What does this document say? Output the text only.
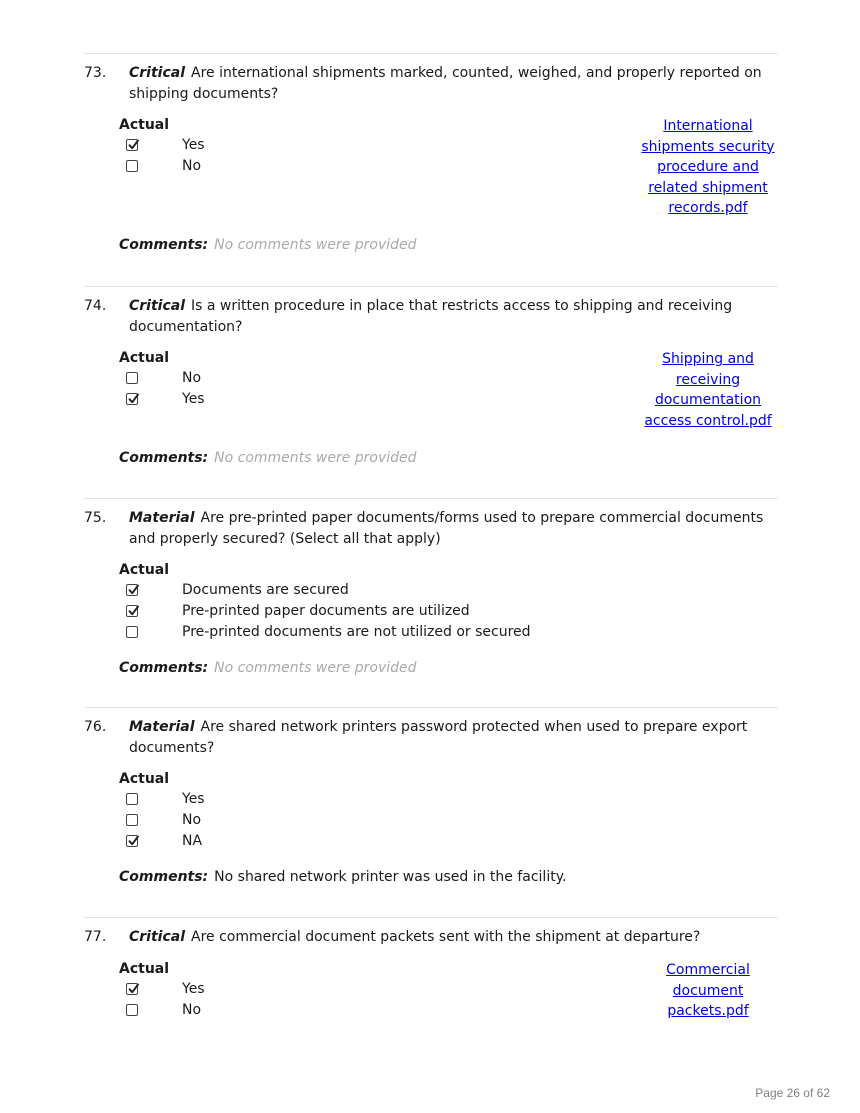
73.	Critical Are international shipments marked, counted, weighed, and properly reported on shipping documents?
Actual
Yes
No
International shipments security procedure and related shipment records.pdf
Comments: No comments were provided
74.	Critical Is a written procedure in place that restricts access to shipping and receiving documentation?
Actual
No
Yes
Shipping and receiving documentation access control.pdf
Comments: No comments were provided
75.	Material Are pre-printed paper documents/forms used to prepare commercial documents and properly secured? (Select all that apply)
Actual
Documents are secured
Pre-printed paper documents are utilized
Pre-printed documents are not utilized or secured
Comments: No comments were provided
76.	Material Are shared network printers password protected when used to prepare export documents?
Actual
Yes
No
NA
Comments: No shared network printer was used in the facility.
77.	Critical Are commercial document packets sent with the shipment at departure?
Actual
Yes
No
Commercial document packets.pdf
Page 26 of 62
